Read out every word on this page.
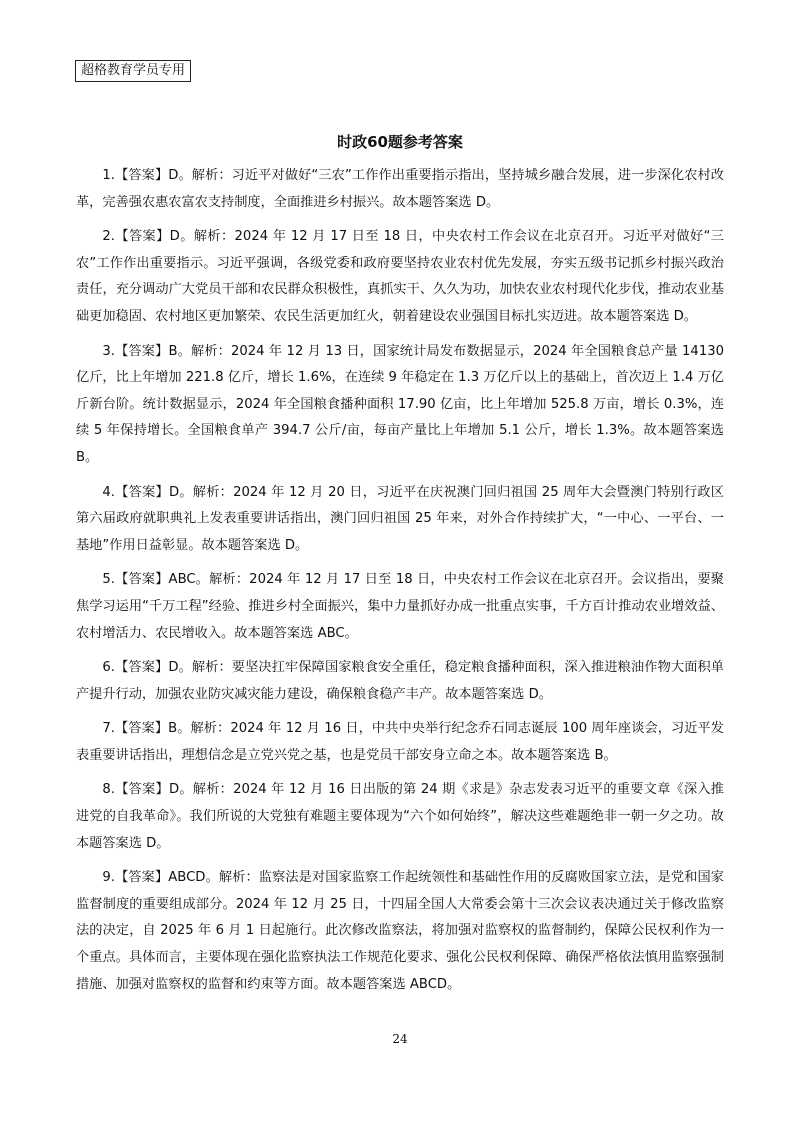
超格教育学员专用
时政60题参考答案

1.【答案】D。解析：习近平对做好“三农”工作作出重要指示指出，坚持城乡融合发展，进一步深化农村改革，完善强农惠农富农支持制度，全面推进乡村振兴。故本题答案选 D。

2.【答案】D。解析：2024 年 12 月 17 日至 18 日，中央农村工作会议在北京召开。习近平对做好“三农”工作作出重要指示。习近平强调，各级党委和政府要坚持农业农村优先发展，夯实五级书记抓乡村振兴政治责任，充分调动广大党员干部和农民群众积极性，真抓实干、久久为功，加快农业农村现代化步伐，推动农业基础更加稳固、农村地区更加繁荣、农民生活更加红火，朝着建设农业强国目标扎实迈进。故本题答案选 D。

3.【答案】B。解析：2024 年 12 月 13 日，国家统计局发布数据显示，2024 年全国粮食总产量 14130 亿斤，比上年增加 221.8 亿斤，增长 1.6%，在连续 9 年稳定在 1.3 万亿斤以上的基础上，首次迈上 1.4 万亿斤新台阶。统计数据显示，2024 年全国粮食播种面积 17.90 亿亩，比上年增加 525.8 万亩，增长 0.3%，连续 5 年保持增长。全国粮食单产 394.7 公斤/亩，每亩产量比上年增加 5.1 公斤，增长 1.3%。故本题答案选 B。

4.【答案】D。解析：2024 年 12 月 20 日，习近平在庆祝澳门回归祖国 25 周年大会暨澳门特别行政区第六届政府就职典礼上发表重要讲话指出，澳门回归祖国 25 年来，对外合作持续扩大，“一中心、一平台、一基地”作用日益彰显。故本题答案选 D。

5.【答案】ABC。解析：2024 年 12 月 17 日至 18 日，中央农村工作会议在北京召开。会议指出，要聚焦学习运用“千万工程”经验、推进乡村全面振兴，集中力量抓好办成一批重点实事，千方百计推动农业增效益、农村增活力、农民增收入。故本题答案选 ABC。

6.【答案】D。解析：要坚决扛牢保障国家粮食安全重任，稳定粮食播种面积，深入推进粮油作物大面积单产提升行动，加强农业防灾减灾能力建设，确保粮食稳产丰产。故本题答案选 D。

7.【答案】B。解析：2024 年 12 月 16 日，中共中央举行纪念乔石同志诞辰 100 周年座谈会，习近平发表重要讲话指出，理想信念是立党兴党之基，也是党员干部安身立命之本。故本题答案选 B。

8.【答案】D。解析：2024 年 12 月 16 日出版的第 24 期《求是》杂志发表习近平的重要文章《深入推进党的自我革命》。我们所说的大党独有难题主要体现为“六个如何始终”，解决这些难题绝非一朝一夕之功。故本题答案选 D。

9.【答案】ABCD。解析：监察法是对国家监察工作起统领性和基础性作用的反腐败国家立法，是党和国家监督制度的重要组成部分。2024 年 12 月 25 日，十四届全国人大常委会第十三次会议表决通过关于修改监察法的决定，自 2025 年 6 月 1 日起施行。此次修改监察法，将加强对监察权的监督制约，保障公民权利作为一个重点。具体而言，主要体现在强化监察执法工作规范化要求、强化公民权利保障、确保严格依法慎用监察强制措施、加强对监察权的监督和约束等方面。故本题答案选 ABCD。

24
